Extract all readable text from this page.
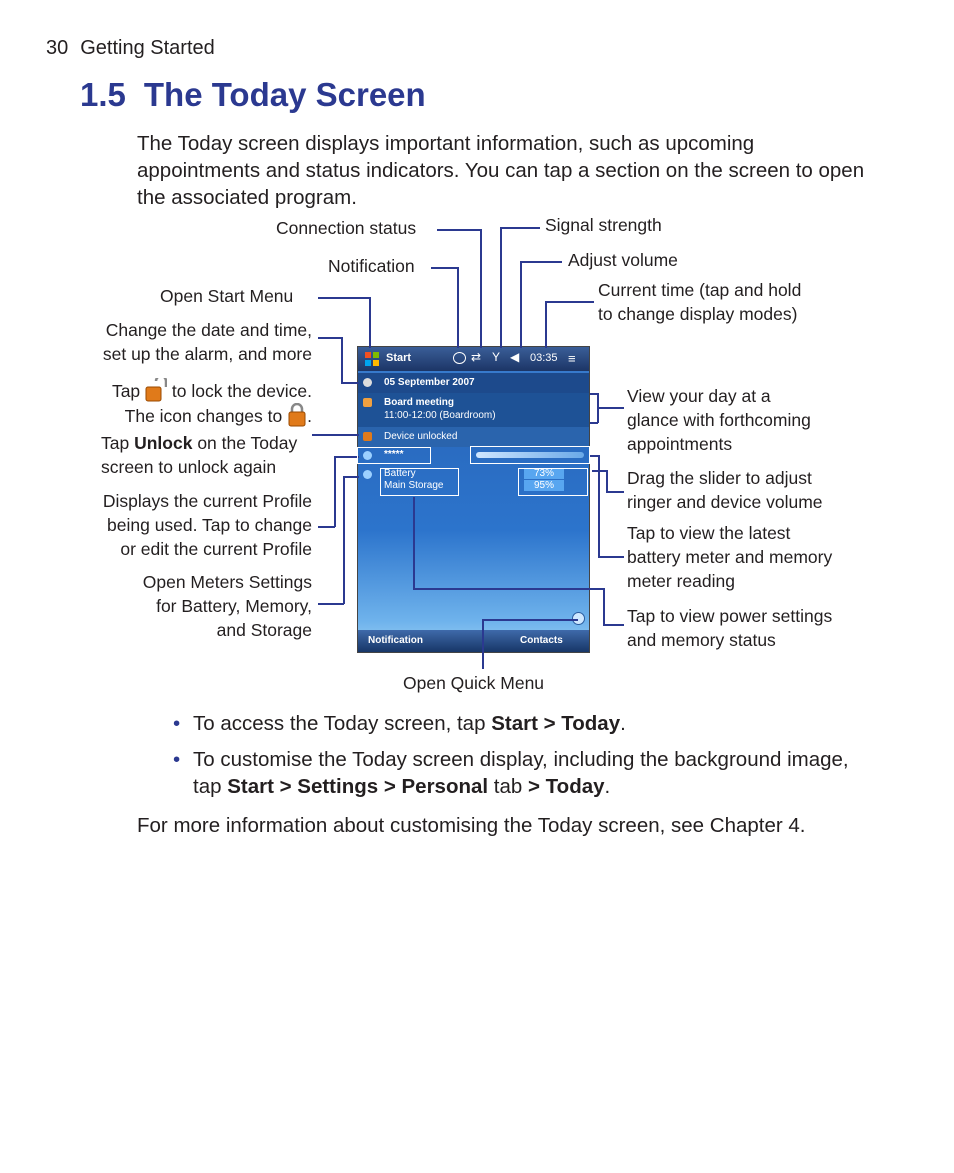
30 Getting Started
1.5 The Today Screen
The Today screen displays important information, such as upcoming appointments and status indicators. You can tap a section on the screen to open the associated program.
Connection status	Signal strength
Notification	Adjust volume
Open Start Menu	Current time (tap and hold
to change display modes)
Change the date and time,
set up the alarm, and more
Tap to lock the device.
The icon changes to .
Tap Unlock on the Today
screen to unlock again
View your day at a
glance with forthcoming
appointments
Drag the slider to adjust
ringer and device volume
Displays the current Profile
being used. Tap to change
or edit the current Profile
Tap to view the latest
battery meter and memory
meter reading
Open Meters Settings
for Battery, Memory,
and Storage
Tap to view power settings
and memory status
Open Quick Menu
Start	⇄ Y ◀ 03:35 ≡
05 September 2007
Board meeting
11:00-12:00 (Boardroom)
Device unlocked
*****
Battery
Main Storage
73%
95%
Notification	Contacts
• To access the Today screen, tap Start > Today.
• To customise the Today screen display, including the background image, tap Start > Settings > Personal tab > Today.
For more information about customising the Today screen, see Chapter 4.
